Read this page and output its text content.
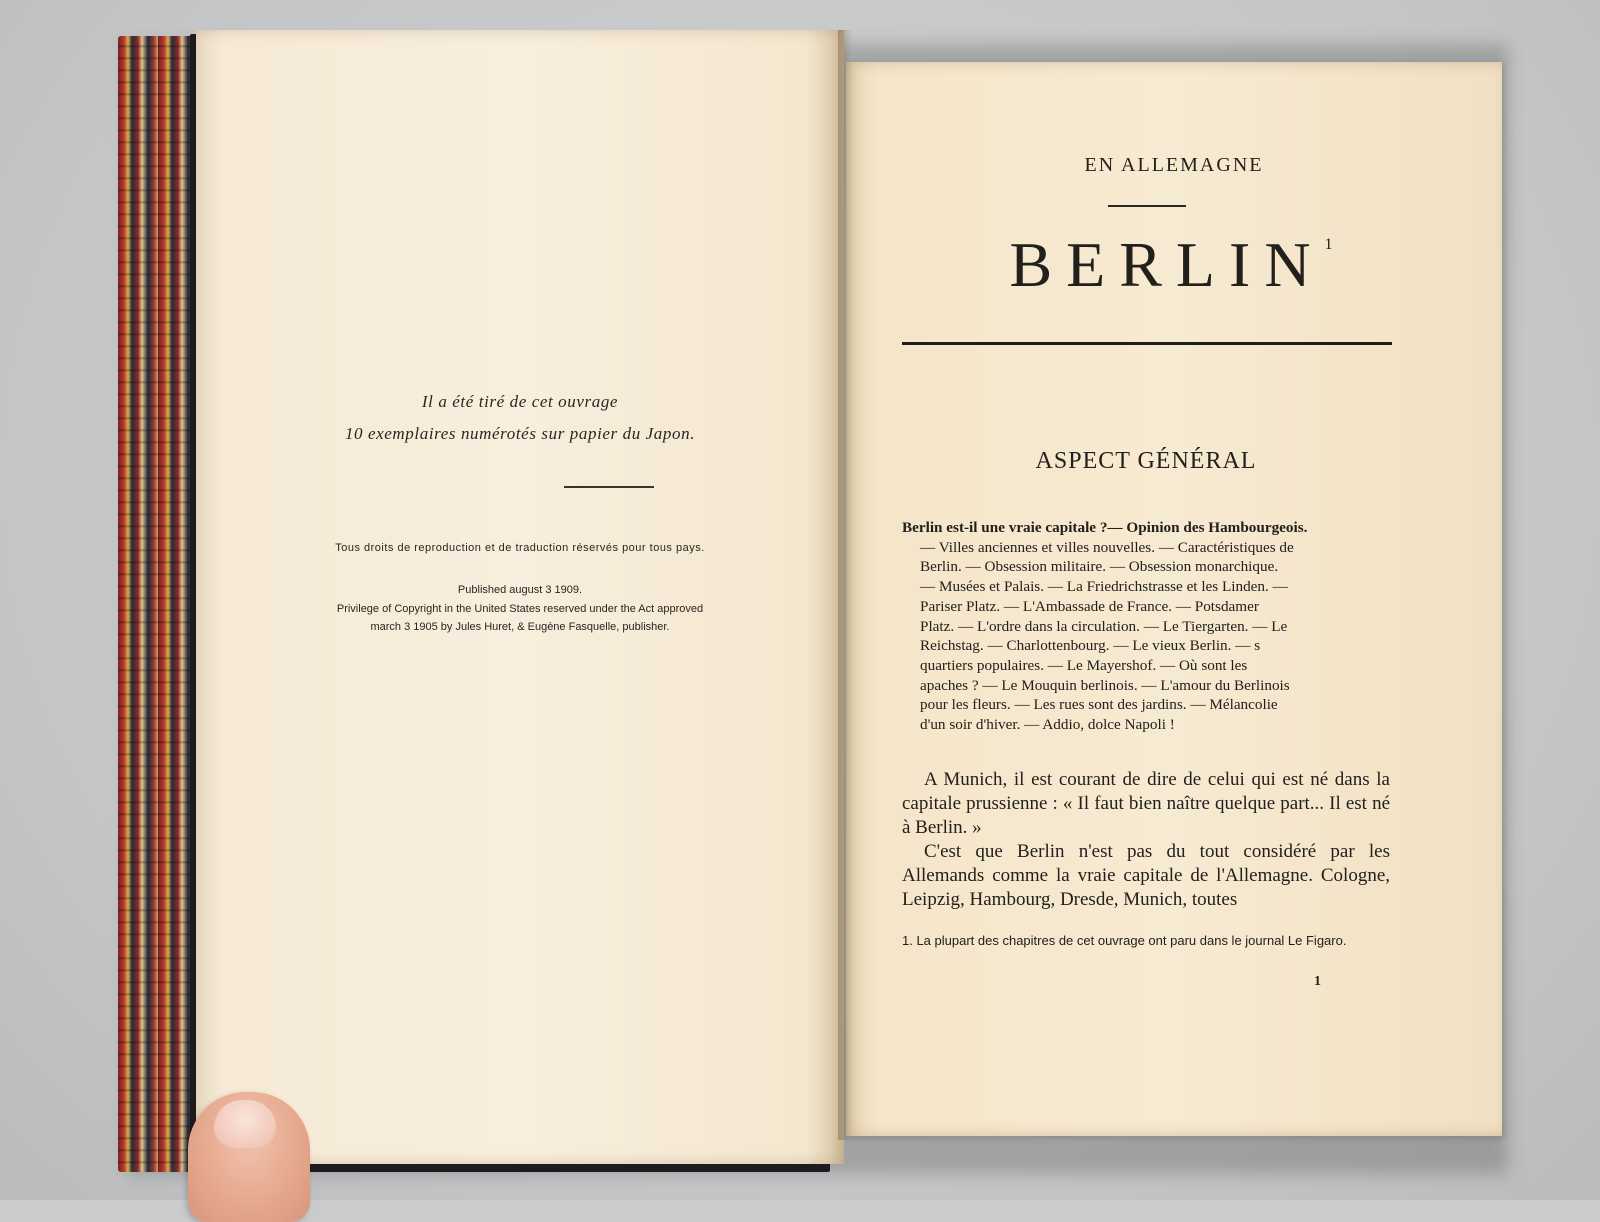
Il a été tiré de cet ouvrage
10 exemplaires numérotés sur papier du Japon.
Tous droits de reproduction et de traduction réservés pour tous pays.
Published august 3 1909.
Privilege of Copyright in the United States reserved under the Act approved
march 3 1905 by Jules Huret, & Eugène Fasquelle, publisher.
EN ALLEMAGNE
BERLIN$^1$
ASPECT GÉNÉRAL
Berlin est-il une vraie capitale ?— Opinion des Hambourgeois.
— Villes anciennes et villes nouvelles. — Caractéristiques de
Berlin. — Obsession militaire. — Obsession monarchique.
— Musées et Palais. — La Friedrichstrasse et les Linden. —
Pariser Platz. — L'Ambassade de France. — Potsdamer
Platz. — L'ordre dans la circulation. — Le Tiergarten. — Le
Reichstag. — Charlottenbourg. — Le vieux Berlin. — s
quartiers populaires. — Le Mayershof. — Où sont les
apaches ? — Le Mouquin berlinois. — L'amour du Berlinois
pour les fleurs. — Les rues sont des jardins. — Mélancolie
d'un soir d'hiver. — Addio, dolce Napoli !
A Munich, il est courant de dire de celui qui est né dans la capitale prussienne : « Il faut bien naître quelque part... Il est né à Berlin. »
C'est que Berlin n'est pas du tout considéré par les Allemands comme la vraie capitale de l'Allemagne. Cologne, Leipzig, Hambourg, Dresde, Munich, toutes
1. La plupart des chapitres de cet ouvrage ont paru dans le journal Le Figaro.
1
